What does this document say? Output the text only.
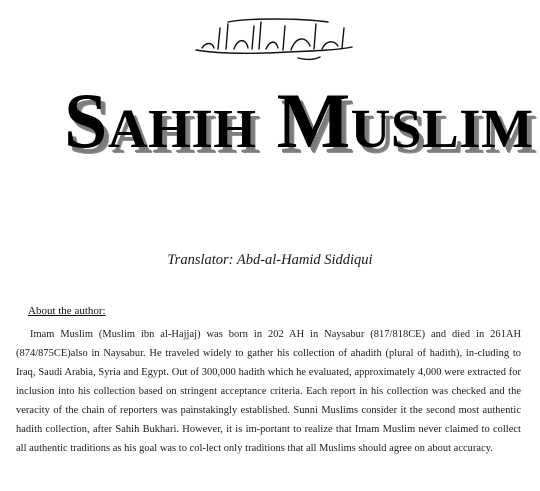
Sahih Muslim
Translator: Abd-al-Hamid Siddiqui
About the author:

Imam Muslim (Muslim ibn al-Hajjaj) was born in 202 AH in Naysabur (817/818CE) and died in 261AH (874/875CE)also in Naysabur. He traveled widely to gather his collection of ahadith (plural of hadith), in-cluding to Iraq, Saudi Arabia, Syria and Egypt. Out of 300,000 hadith which he evaluated, approximately 4,000 were extracted for inclusion into his collection based on stringent acceptance criteria. Each report in his collection was checked and the veracity of the chain of reporters was painstakingly established. Sunni Muslims consider it the second most authentic hadith collection, after Sahih Bukhari. However, it is im-portant to realize that Imam Muslim never claimed to collect all authentic traditions as his goal was to col-lect only traditions that all Muslims should agree on about accuracy.
